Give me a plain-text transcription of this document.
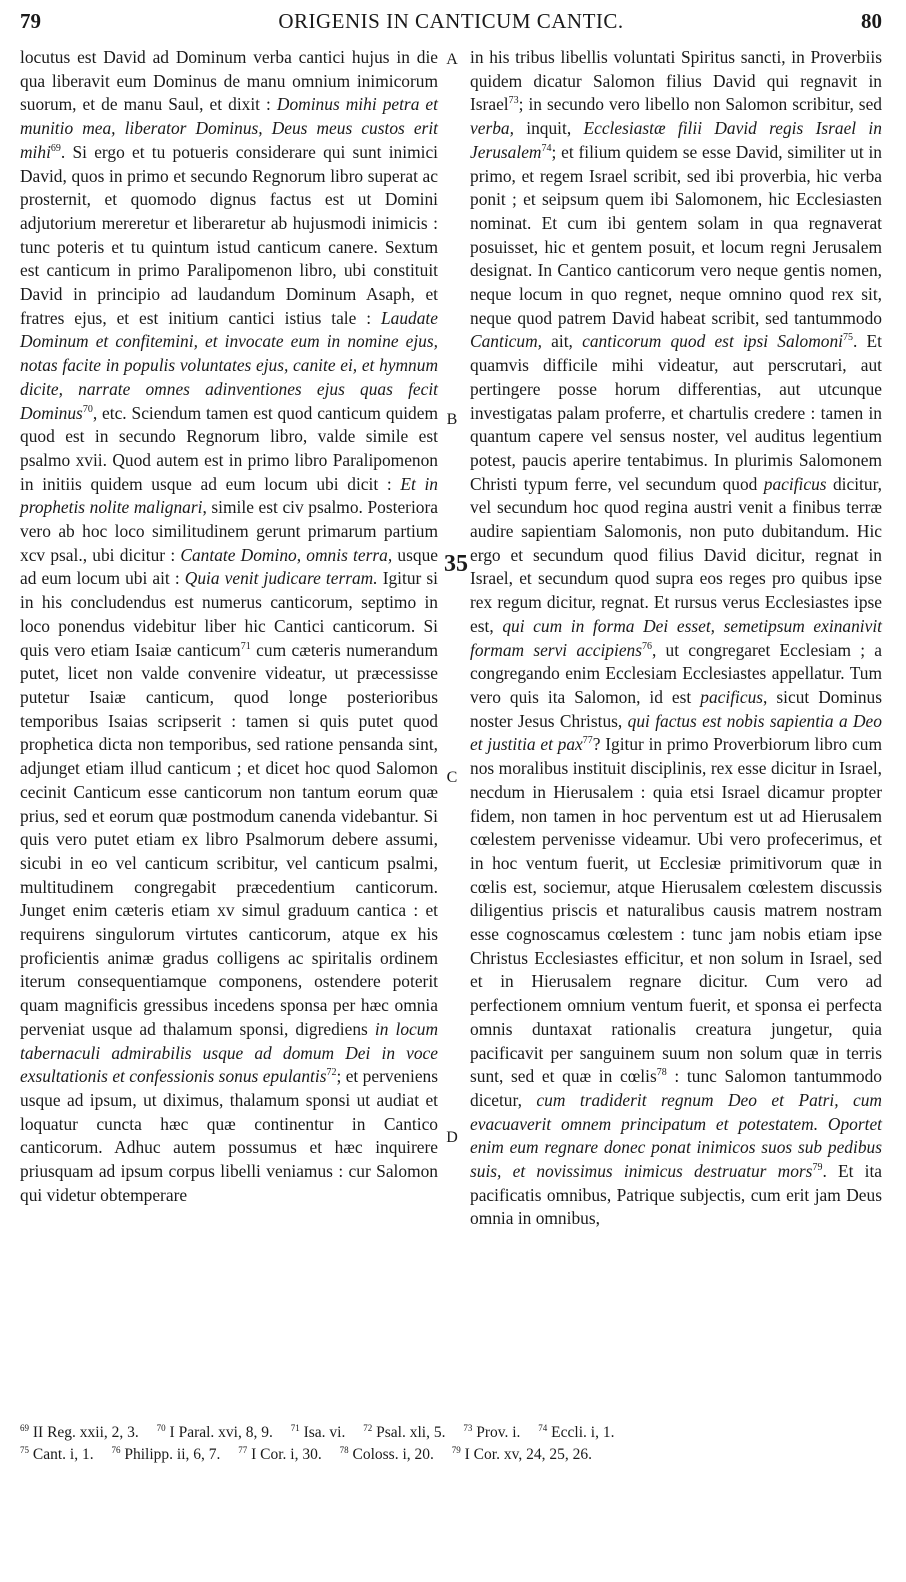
79	ORIGENIS IN CANTICUM CANTIC.	80

locutus est David ad Dominum verba cantici hujus in die qua liberavit eum Dominus de manu omnium inimicorum suorum, et de manu Saul, et dixit : Dominus mihi petra et munitio mea, liberator Dominus, Deus meus custos erit mihi$^{69}$. Si ergo et tu potueris considerare qui sunt inimici David, quos in primo et secundo Regnorum libro superat ac prosternit, et quomodo dignus factus est ut Domini adjutorium mereretur et liberaretur ab hujusmodi inimicis : tunc poteris et tu quintum istud canticum canere. Sextum est canticum in primo Paralipomenon libro, ubi constituit David in principio ad laudandum Dominum Asaph, et fratres ejus, et est initium cantici istius tale : Laudate Dominum et confitemini, et invocate eum in nomine ejus, notas facite in populis voluntates ejus, canite ei, et hymnum dicite, narrate omnes adinventiones ejus quas fecit Dominus$^{70}$, etc. Sciendum tamen est quod canticum quidem quod est in secundo Regnorum libro, valde simile est psalmo xvii. Quod autem est in primo libro Paralipomenon in initiis quidem usque ad eum locum ubi dicit : Et in prophetis nolite malignari, simile est civ psalmo. Posteriora vero ab hoc loco similitudinem gerunt primarum partium xcv psal., ubi dicitur : Cantate Domino, omnis terra, usque ad eum locum ubi ait : Quia venit judicare terram. Igitur si in his concludendus est numerus canticorum, septimo in loco ponendus videbitur liber hic Cantici canticorum. Si quis vero etiam Isaiæ canticum$^{71}$ cum cæteris numerandum putet, licet non valde convenire videatur, ut præcessisse putetur Isaiæ canticum, quod longe posterioribus temporibus Isaias scripserit : tamen si quis putet quod prophetica dicta non temporibus, sed ratione pensanda sint, adjunget etiam illud canticum ; et dicet hoc quod Salomon cecinit Canticum esse canticorum non tantum eorum quæ prius, sed et eorum quæ postmodum canenda videbantur. Si quis vero putet etiam ex libro Psalmorum debere assumi, sicubi in eo vel canticum scribitur, vel canticum psalmi, multitudinem congregabit præcedentium canticorum. Junget enim cæteris etiam xv simul graduum cantica : et requirens singulorum virtutes canticorum, atque ex his proficientis animæ gradus colligens ac spiritalis ordinem iterum consequentiamque componens, ostendere poterit quam magnificis gressibus incedens sponsa per hæc omnia perveniat usque ad thalamum sponsi, digrediens in locum tabernaculi admirabilis usque ad domum Dei in voce exsultationis et confessionis sonus epulantis$^{72}$; et perveniens usque ad ipsum, ut diximus, thalamum sponsi ut audiat et loquatur cuncta hæc quæ continentur in Cantico canticorum. Adhuc autem possumus et hæc inquirere priusquam ad ipsum corpus libelli veniamus : cur Salomon qui videtur obtemperare

A
B
C
D

in his tribus libellis voluntati Spiritus sancti, in Proverbiis quidem dicatur Salomon filius David qui regnavit in Israel$^{73}$; in secundo vero libello non Salomon scribitur, sed verba, inquit, Ecclesiastæ filii David regis Israel in Jerusalem$^{74}$; et filium quidem se esse David, similiter ut in primo, et regem Israel scribit, sed ibi proverbia, hic verba ponit ; et seipsum quem ibi Salomonem, hic Ecclesiasten nominat. Et cum ibi gentem solam in qua regnaverat posuisset, hic et gentem posuit, et locum regni Jerusalem designat. In Cantico canticorum vero neque gentis nomen, neque locum in quo regnet, neque omnino quod rex sit, neque quod patrem David habeat scribit, sed tantummodo Canticum, ait, canticorum quod est ipsi Salomoni$^{75}$. Et quamvis difficile mihi videatur, aut perscrutari, aut pertingere posse horum differentias, aut utcunque investigatas palam proferre, et chartulis credere : tamen in quantum capere vel sensus noster, vel auditus legentium potest, paucis aperire tentabimus. In plurimis Salomonem Christi typum ferre, vel secundum quod pacificus dicitur, vel secundum hoc quod regina austri venit a finibus terræ audire sapientiam Salomonis, non puto dubitandum. Hic ergo et secundum quod filius David dicitur, regnat in Israel, et secundum quod supra eos reges pro quibus ipse rex regum dicitur, regnat. Et rursus verus Ecclesiastes ipse est, qui cum in forma Dei esset, semetipsum exinanivit formam servi accipiens$^{76}$, ut congregaret Ecclesiam ; a congregando enim Ecclesiam Ecclesiastes appellatur. Tum vero quis ita Salomon, id est pacificus, sicut Dominus noster Jesus Christus, qui factus est nobis sapientia a Deo et justitia et pax$^{77}$? Igitur in primo Proverbiorum libro cum nos moralibus instituit disciplinis, rex esse dicitur in Israel, necdum in Hierusalem : quia etsi Israel dicamur propter fidem, non tamen in hoc perventum est ut ad Hierusalem cœlestem pervenisse videamur. Ubi vero profecerimus, et in hoc ventum fuerit, ut Ecclesiæ primitivorum quæ in cœlis est, sociemur, atque Hierusalem cœlestem discussis diligentius priscis et naturalibus causis matrem nostram esse cognoscamus cœlestem : tunc jam nobis etiam ipse Christus Ecclesiastes efficitur, et non solum in Israel, sed et in Hierusalem regnare dicitur. Cum vero ad perfectionem omnium ventum fuerit, et sponsa ei perfecta omnis duntaxat rationalis creatura jungetur, quia pacificavit per sanguinem suum non solum quæ in terris sunt, sed et quæ in cœlis$^{78}$ : tunc Salomon tantummodo dicetur, cum tradiderit regnum Deo et Patri, cum evacuaverit omnem principatum et potestatem. Oportet enim eum regnare donec ponat inimicos suos sub pedibus suis, et novissimus inimicus destruatur mors$^{79}$. Et ita pacificatis omnibus, Patrique subjectis, cum erit jam Deus omnia in omnibus,

35
$^{69}$ II Reg. xxii, 2, 3. $^{70}$ I Paral. xvi, 8, 9. $^{71}$ Isa. vi. $^{72}$ Psal. xli, 5. $^{73}$ Prov. i. $^{74}$ Eccli. i, 1.
$^{75}$ Cant. i, 1. $^{76}$ Philipp. ii, 6, 7. $^{77}$ I Cor. i, 30. $^{78}$ Coloss. i, 20. $^{79}$ I Cor. xv, 24, 25, 26.
